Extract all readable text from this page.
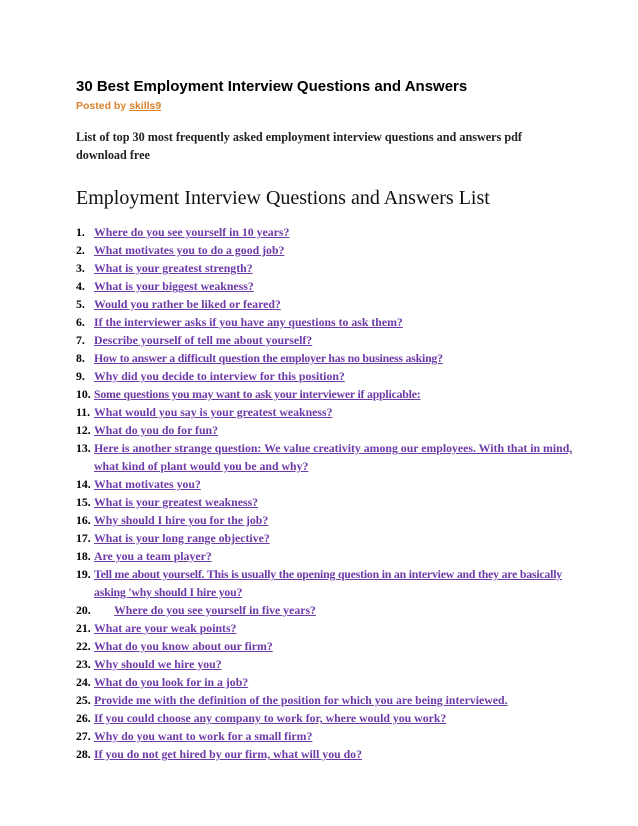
30 Best Employment Interview Questions and Answers
Posted by skills9
List of top 30 most frequently asked employment interview questions and answers pdf download free
Employment Interview Questions and Answers List
1. Where do you see yourself in 10 years?
2. What motivates you to do a good job?
3. What is your greatest strength?
4. What is your biggest weakness?
5. Would you rather be liked or feared?
6. If the interviewer asks if you have any questions to ask them?
7. Describe yourself of tell me about yourself?
8. How to answer a difficult question the employer has no business asking?
9. Why did you decide to interview for this position?
10. Some questions you may want to ask your interviewer if applicable:
11. What would you say is your greatest weakness?
12. What do you do for fun?
13. Here is another strange question: We value creativity among our employees. With that in mind, what kind of plant would you be and why?
14. What motivates you?
15. What is your greatest weakness?
16. Why should I hire you for the job?
17. What is your long range objective?
18. Are you a team player?
19. Tell me about yourself. This is usually the opening question in an interview and they are basically asking 'why should I hire you?
20.	Where do you see yourself in five years?
21. What are your weak points?
22. What do you know about our firm?
23. Why should we hire you?
24. What do you look for in a job?
25. Provide me with the definition of the position for which you are being interviewed.
26. If you could choose any company to work for, where would you work?
27. Why do you want to work for a small firm?
28. If you do not get hired by our firm, what will you do?
